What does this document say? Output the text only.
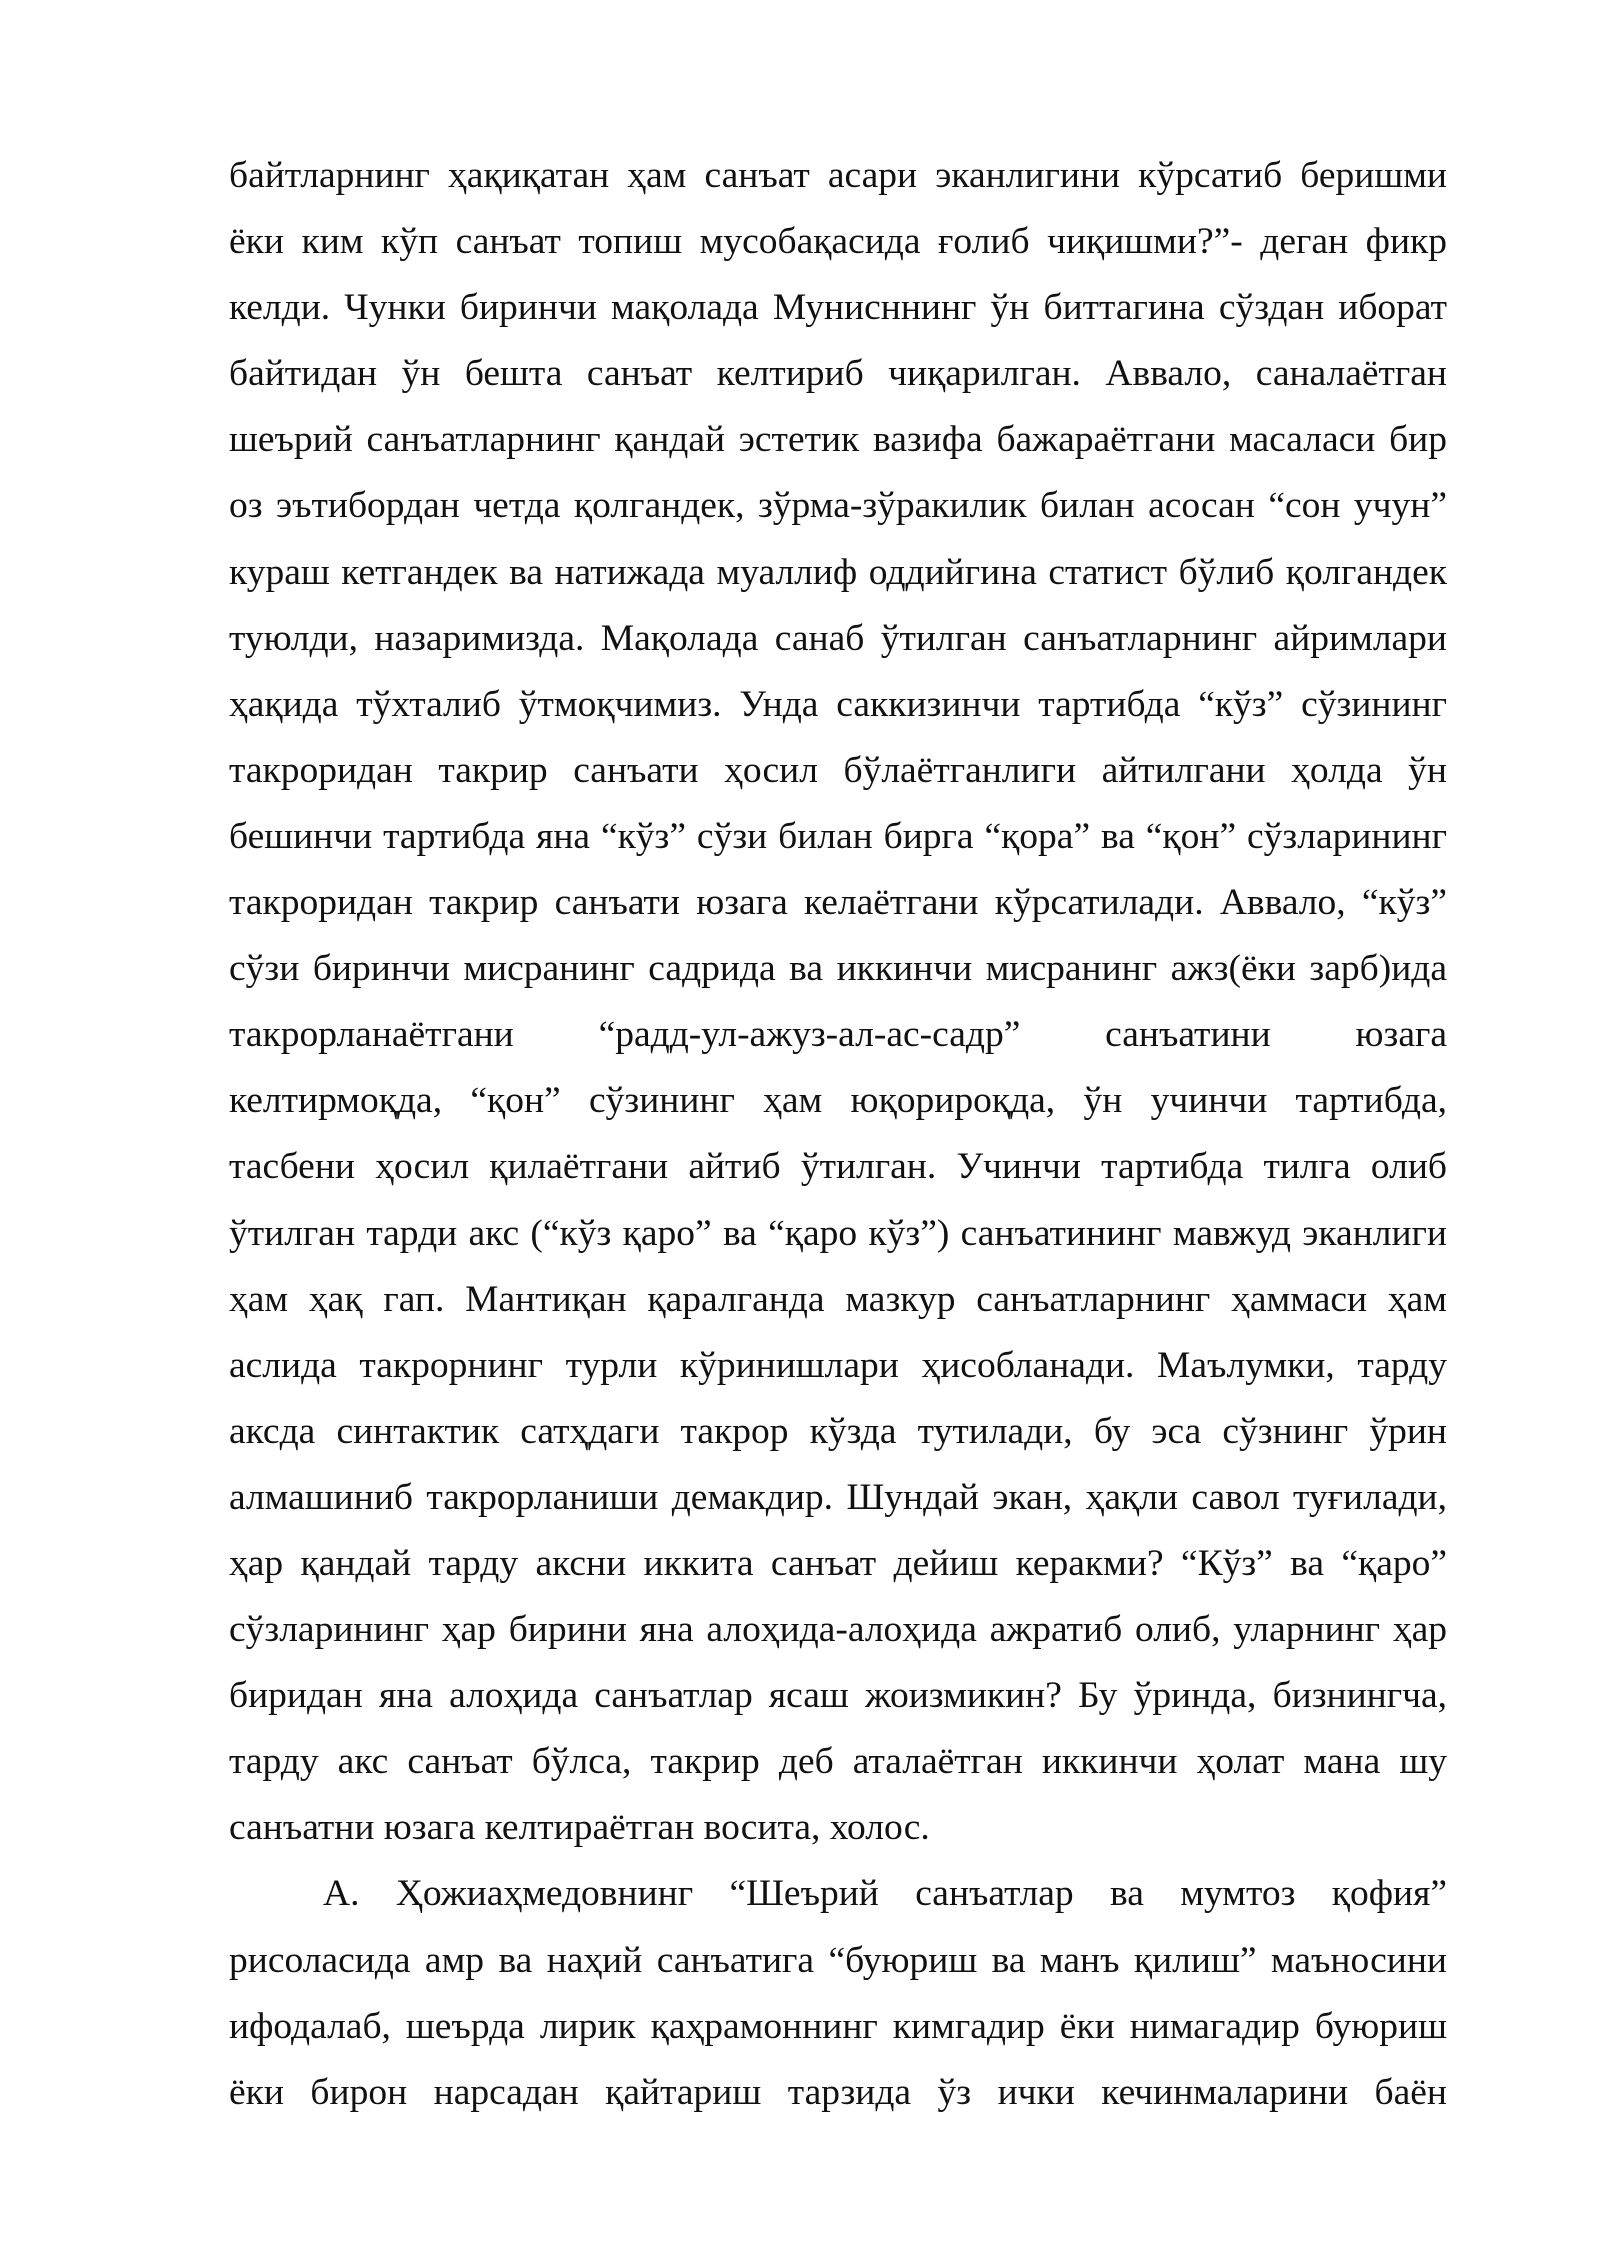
байтларнинг ҳақиқатан ҳам санъат асари эканлигини кўрсатиб беришми
ёки ким кўп санъат топиш мусобақасида ғолиб чиқишми?”- деган фикр
келди. Чунки биринчи мақолада Мунисннинг ўн биттагина сўздан иборат
байтидан ўн бешта санъат келтириб чиқарилган. Аввало, саналаётган
шеърий санъатларнинг қандай эстетик вазифа бажараётгани масаласи бир
оз эътибордан четда қолгандек, зўрма-зўракилик билан асосан “сон учун”
кураш кетгандек ва натижада муаллиф оддийгина статист бўлиб қолгандек
туюлди, назаримизда. Мақолада санаб ўтилган санъатларнинг айримлари
ҳақида тўхталиб ўтмоқчимиз. Унда саккизинчи тартибда “кўз” сўзининг
такроридан такрир санъати ҳосил бўлаётганлиги айтилгани ҳолда ўн
бешинчи тартибда яна “кўз” сўзи билан бирга “қора” ва “қон” сўзларининг
такроридан такрир санъати юзага келаётгани кўрсатилади. Аввало, “кўз”
сўзи биринчи мисранинг садрида ва иккинчи мисранинг ажз(ёки зарб)ида
такрорланаётгани “радд-ул-ажуз-ал-ас-садр” санъатини юзага
келтирмоқда, “қон” сўзининг ҳам юқорироқда, ўн учинчи тартибда,
тасбени ҳосил қилаётгани айтиб ўтилган. Учинчи тартибда тилга олиб
ўтилган тарди акс (“кўз қаро” ва “қаро кўз”) санъатининг мавжуд эканлиги
ҳам ҳақ гап. Мантиқан қаралганда мазкур санъатларнинг ҳаммаси ҳам
аслида такрорнинг турли кўринишлари ҳисобланади. Маълумки, тарду
аксда синтактик сатҳдаги такрор кўзда тутилади, бу эса сўзнинг ўрин
алмашиниб такрорланиши демакдир. Шундай экан, ҳақли савол туғилади,
ҳар қандай тарду аксни иккита санъат дейиш керакми? “Кўз” ва “қаро”
сўзларининг ҳар бирини яна алоҳида-алоҳида ажратиб олиб, уларнинг ҳар
биридан яна алоҳида санъатлар ясаш жоизмикин? Бу ўринда, бизнингча,
тарду акс санъат бўлса, такрир деб аталаётган иккинчи ҳолат мана шу
санъатни юзага келтираётган восита, холос.
А. Ҳожиаҳмедовнинг “Шеърий санъатлар ва мумтоз қофия”
рисоласида амр ва наҳий санъатига “буюриш ва манъ қилиш” маъносини
ифодалаб, шеърда лирик қаҳрамоннинг кимгадир ёки нимагадир буюриш
ёки бирон нарсадан қайтариш тарзида ўз ички кечинмаларини баён
